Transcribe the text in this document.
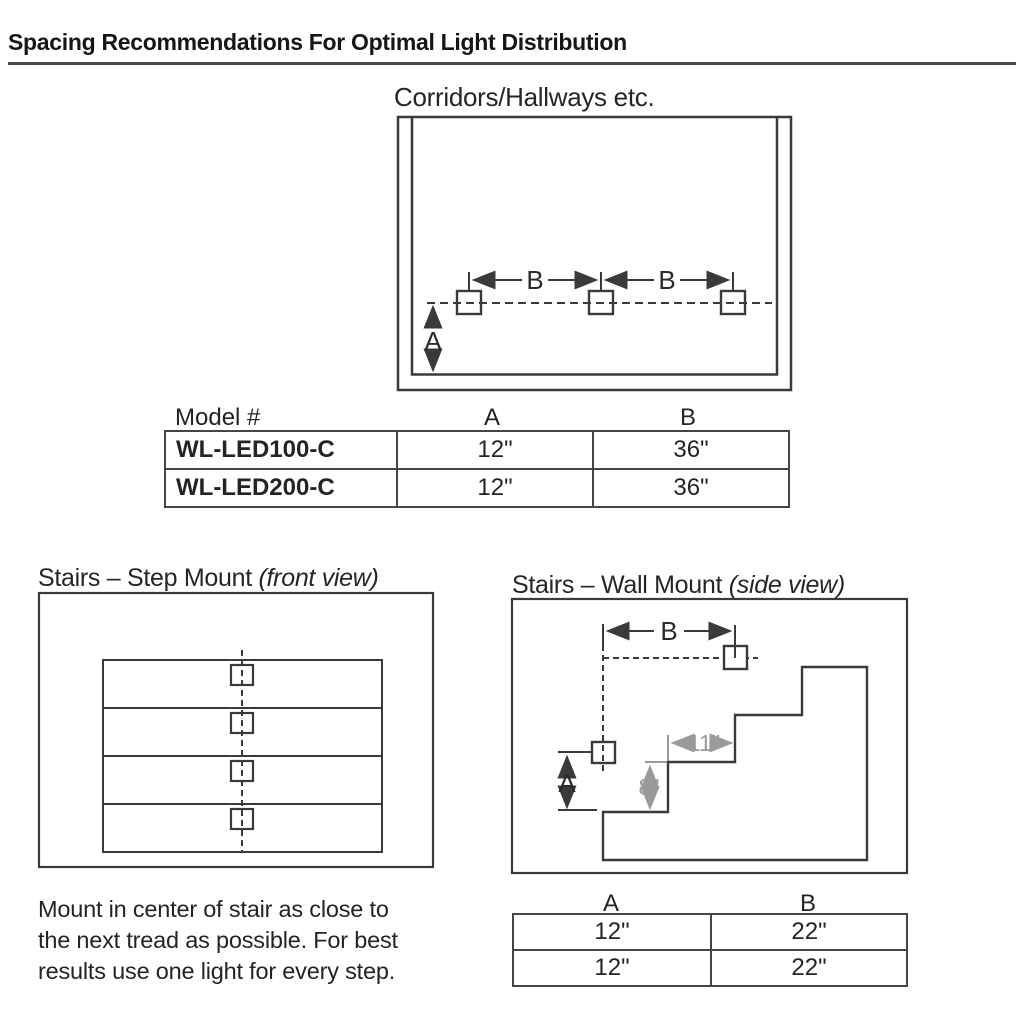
Spacing Recommendations For Optimal Light Distribution
Corridors/Hallways etc.
B	B
A
Model #	A	B
WL-LED100-C	12"	36"
WL-LED200-C	12"	36"
Stairs – Step Mount (front view)
Mount in center of stair as close to
the next tread as possible. For best
results use one light for every step.
Stairs – Wall Mount (side view)
B
A
11"
8"
A	B
12"	22"
12"	22"
